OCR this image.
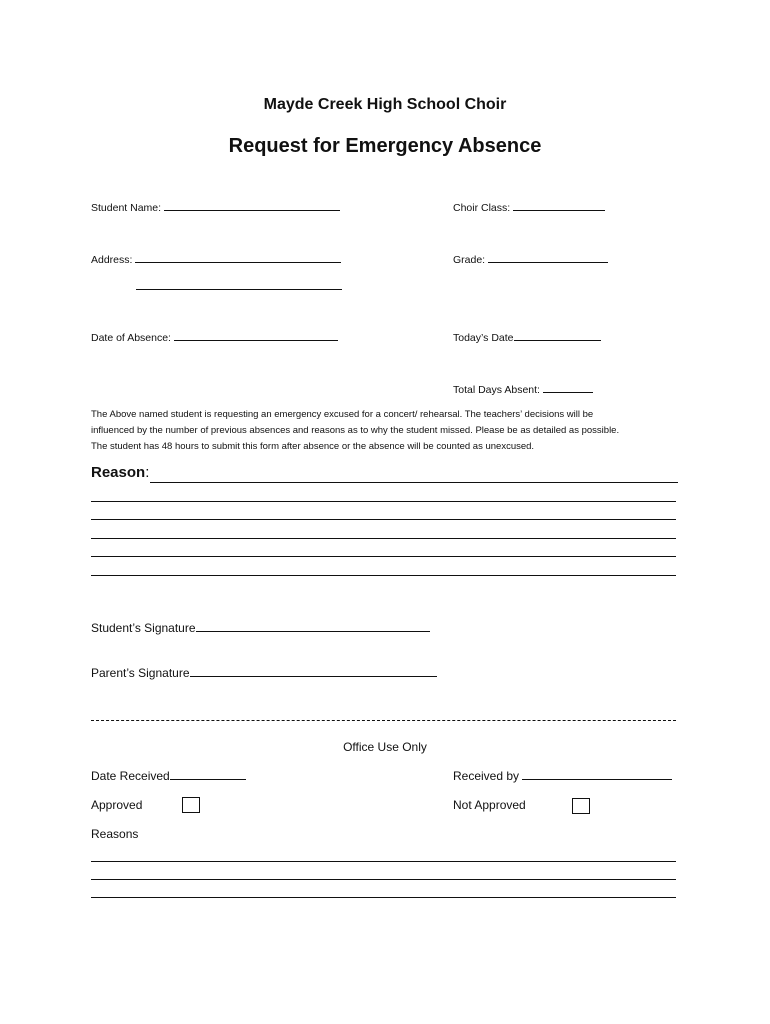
Mayde Creek High School Choir
Request for Emergency Absence
Student Name:	Choir Class:
Address:	Grade:
Date of Absence:	Today’s Date
Total Days Absent:
The Above named student is requesting an emergency excused for a concert/ rehearsal. The teachers’ decisions will be
influenced by the number of previous absences and reasons as to why the student missed. Please be as detailed as possible.
The student has 48 hours to submit this form after absence or the absence will be counted as unexcused.
Reason:
Student’s Signature
Parent’s Signature
Office Use Only
Date Received	Received by
Approved	Not Approved
Reasons
